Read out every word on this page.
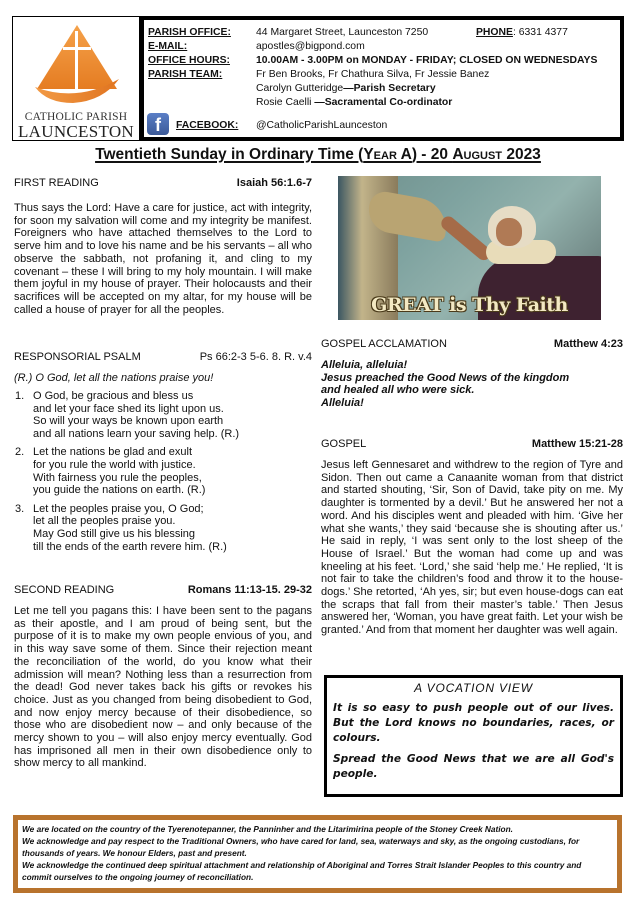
CATHOLIC PARISH
LAUNCESTON
PARISH OFFICE: 44 Margaret Street, Launceston 7250	PHONE: 6331 4377
E-MAIL:	apostles@bigpond.com
OFFICE HOURS:	10.00AM - 3.00PM on MONDAY - FRIDAY; CLOSED ON WEDNESDAYS
PARISH TEAM:	Fr Ben Brooks, Fr Chathura Silva, Fr Jessie Banez
Carolyn Gutteridge—Parish Secretary
Rosie Caelli —Sacramental Co-ordinator
f	FACEBOOK: @CatholicParishLaunceston
Twentieth Sunday in Ordinary Time (Year A) - 20 August 2023
FIRST READING	Isaiah 56:1.6-7
Thus says the Lord: Have a care for justice, act with integrity, for soon my salvation will come and my integrity be manifest. Foreigners who have attached themselves to the Lord to serve him and to love his name and be his servants – all who observe the sabbath, not profaning it, and cling to my covenant – these I will bring to my holy mountain. I will make them joyful in my house of prayer. Their holocausts and their sacrifices will be accepted on my altar, for my house will be called a house of prayer for all the peoples.
RESPONSORIAL PSALM	Ps 66:2-3 5-6. 8. R. v.4
(R.) O God, let all the nations praise you!
1. O God, be gracious and bless us
and let your face shed its light upon us.
So will your ways be known upon earth
and all nations learn your saving help. (R.)
2. Let the nations be glad and exult
for you rule the world with justice.
With fairness you rule the peoples,
you guide the nations on earth. (R.)
3. Let the peoples praise you, O God;
let all the peoples praise you.
May God still give us his blessing
till the ends of the earth revere him. (R.)
SECOND READING	Romans 11:13-15. 29-32
Let me tell you pagans this: I have been sent to the pagans as their apostle, and I am proud of being sent, but the purpose of it is to make my own people envious of you, and in this way save some of them. Since their rejection meant the reconciliation of the world, do you know what their admission will mean? Nothing less than a resurrection from the dead! God never takes back his gifts or revokes his choice. Just as you changed from being disobedient to God, and now enjoy mercy because of their disobedience, so those who are disobedient now – and only because of the mercy shown to you – will also enjoy mercy eventually. God has imprisoned all men in their own disobedience only to show mercy to all mankind.
GREAT is Thy Faith
GOSPEL ACCLAMATION	Matthew 4:23
Alleluia, alleluia!
Jesus preached the Good News of the kingdom
and healed all who were sick.
Alleluia!
GOSPEL	Matthew 15:21-28
Jesus left Gennesaret and withdrew to the region of Tyre and Sidon. Then out came a Canaanite woman from that district and started shouting, ‘Sir, Son of David, take pity on me. My daughter is tormented by a devil.’ But he answered her not a word. And his disciples went and pleaded with him. ‘Give her what she wants,’ they said ‘because she is shouting after us.’ He said in reply, ‘I was sent only to the lost sheep of the House of Israel.’ But the woman had come up and was kneeling at his feet. ‘Lord,’ she said ‘help me.’ He replied, ‘It is not fair to take the children’s food and throw it to the house-dogs.’ She retorted, ‘Ah yes, sir; but even house-dogs can eat the scraps that fall from their master’s table.’ Then Jesus answered her, ‘Woman, you have great faith. Let your wish be granted.’ And from that moment her daughter was well again.
A VOCATION VIEW
It is so easy to push people out of our lives. But the Lord knows no boundaries, races, or colours.
Spread the Good News that we are all God's people.

We are located on the country of the Tyerenotepanner, the Panninher and the Litarimirina people of the Stoney Creek Nation.

We acknowledge and pay respect to the Traditional Owners, who have cared for land, sea, waterways and sky, as the ongoing custodians, for thousands of years. We honour Elders, past and present.

We acknowledge the continued deep spiritual attachment and relationship of Aboriginal and Torres Strait Islander Peoples to this country and commit ourselves to the ongoing journey of reconciliation.
